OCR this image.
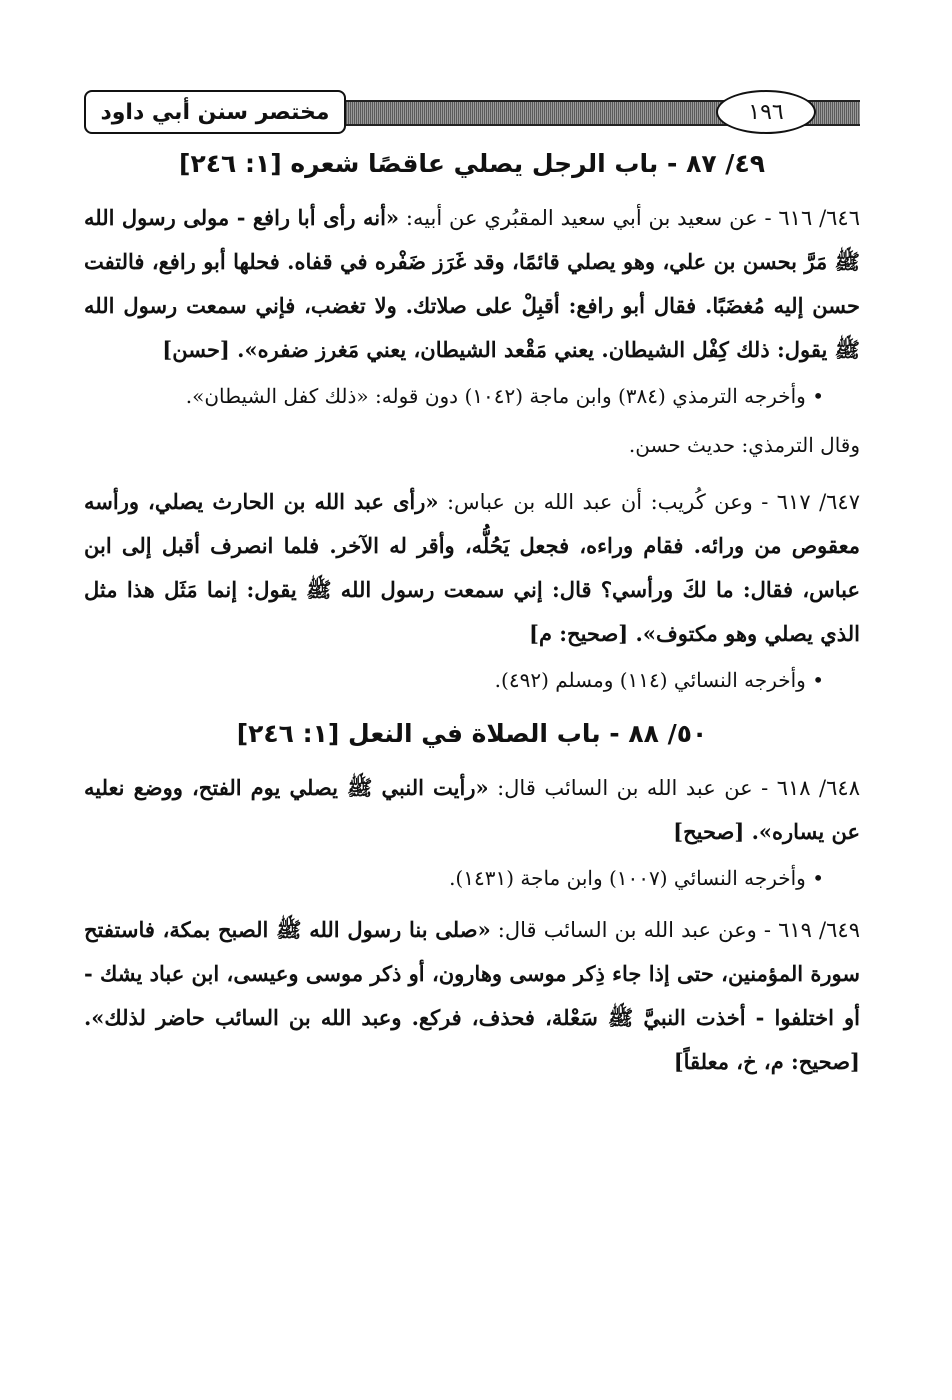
مختصر سنن أبي داود	١٩٦
٤٩/ ٨٧ - باب الرجل يصلي عاقصًا شعره [١: ٢٤٦]

٦٤٦/ ٦١٦ - عن سعيد بن أبي سعيد المقبُري عن أبيه: «أنه رأى أبا رافع - مولى رسول الله ﷺ مَرَّ بحسن بن علي، وهو يصلي قائمًا، وقد غَرَز ضَفْره في قفاه. فحلها أبو رافع، فالتفت حسن إليه مُغضَبًا. فقال أبو رافع: أقبِلْ على صلاتك. ولا تغضب، فإني سمعت رسول الله ﷺ يقول: ذلك كِفْل الشيطان. يعني مَقْعد الشيطان، يعني مَغرز ضفره». [حسن]

• وأخرجه الترمذي (٣٨٤) وابن ماجة (١٠٤٢) دون قوله: «ذلك كفل الشيطان».

وقال الترمذي: حديث حسن.

٦٤٧/ ٦١٧ - وعن كُريب: أن عبد الله بن عباس: «رأى عبد الله بن الحارث يصلي، ورأسه معقوص من ورائه. فقام وراءه، فجعل يَحُلُّه، وأقر له الآخر. فلما انصرف أقبل إلى ابن عباس، فقال: ما لكَ ورأسي؟ قال: إني سمعت رسول الله ﷺ يقول: إنما مَثَل هذا مثل الذي يصلي وهو مكتوف». [صحيح: م]

• وأخرجه النسائي (١١٤) ومسلم (٤٩٢).

٥٠/ ٨٨ - باب الصلاة في النعل [١: ٢٤٦]

٦٤٨/ ٦١٨ - عن عبد الله بن السائب قال: «رأيت النبي ﷺ يصلي يوم الفتح، ووضع نعليه عن يساره». [صحيح]

• وأخرجه النسائي (١٠٠٧) وابن ماجة (١٤٣١).

٦٤٩/ ٦١٩ - وعن عبد الله بن السائب قال: «صلى بنا رسول الله ﷺ الصبح بمكة، فاستفتح سورة المؤمنين، حتى إذا جاء ذِكر موسى وهارون، أو ذكر موسى وعيسى، ابن عباد يشك - أو اختلفوا - أخذت النبيَّ ﷺ سَعْلة، فحذف، فركع. وعبد الله بن السائب حاضر لذلك». [صحيح: م، خ، معلقاً]
